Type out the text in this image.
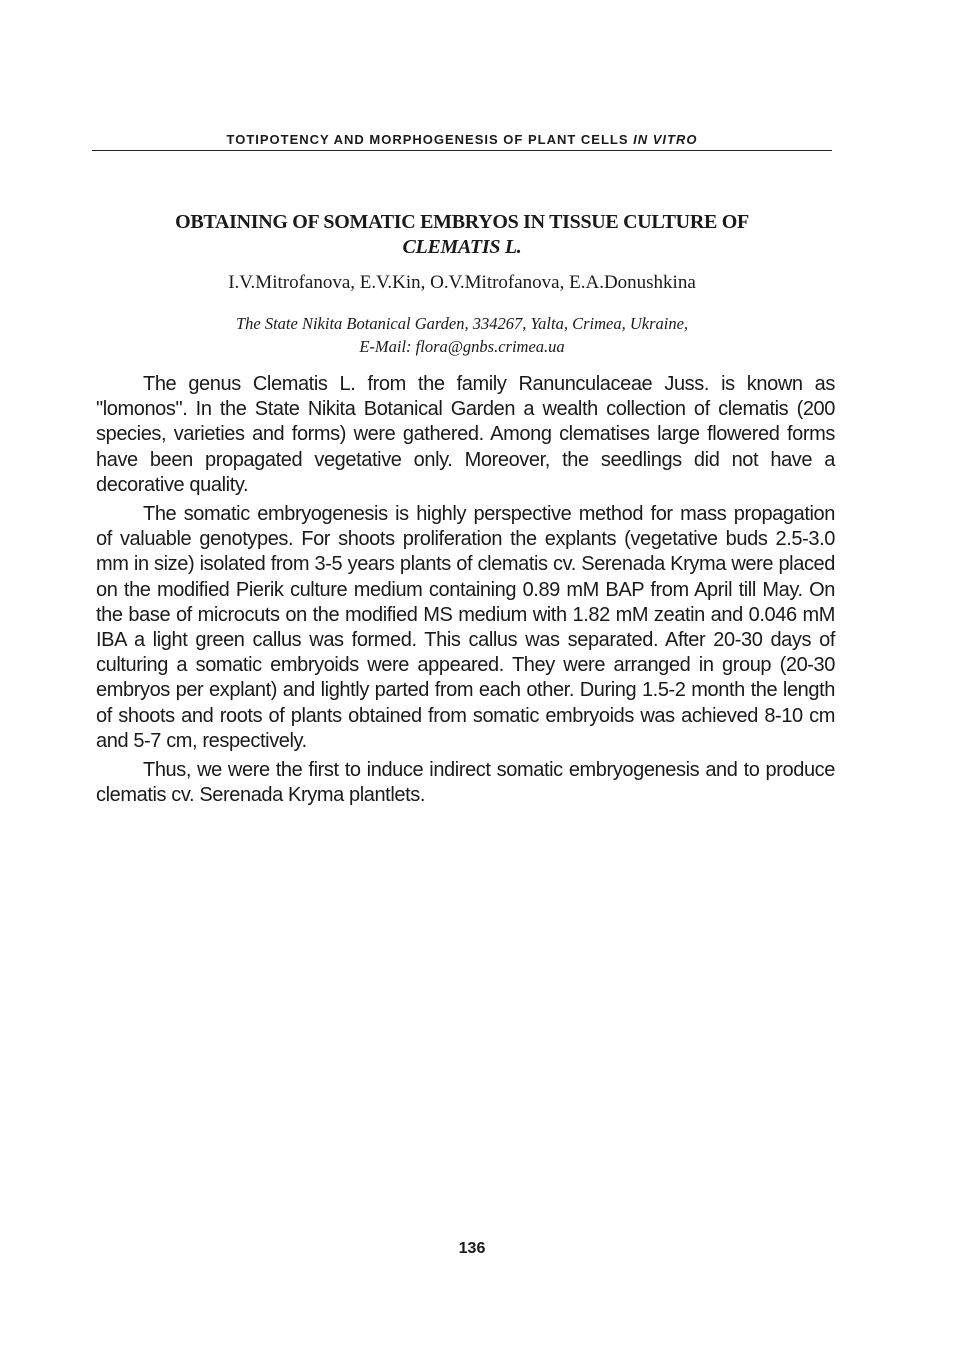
TOTIPOTENCY AND MORPHOGENESIS OF PLANT CELLS IN VITRO
OBTAINING OF SOMATIC EMBRYOS IN TISSUE CULTURE OF
CLEMATIS L.
I.V.Mitrofanova, E.V.Kin, O.V.Mitrofanova, E.A.Donushkina
The State Nikita Botanical Garden, 334267, Yalta, Crimea, Ukraine,
E-Mail: flora@gnbs.crimea.ua

The genus Clematis L. from the family Ranunculaceae Juss. is known as "lomonos". In the State Nikita Botanical Garden a wealth collection of clematis (200 species, varieties and forms) were gathered. Among clematises large flowered forms have been propagated vegetative only. Moreover, the seedlings did not have a decorative quality.

The somatic embryogenesis is highly perspective method for mass propagation of valuable genotypes. For shoots proliferation the explants (vegetative buds 2.5-3.0 mm in size) isolated from 3-5 years plants of clematis cv. Serenada Kryma were placed on the modified Pierik culture medium containing 0.89 mM BAP from April till May. On the base of microcuts on the modified MS medium with 1.82 mM zeatin and 0.046 mM IBA a light green callus was formed. This callus was separated. After 20-30 days of culturing a somatic embryoids were appeared. They were arranged in group (20-30 embryos per explant) and lightly parted from each other. During 1.5-2 month the length of shoots and roots of plants obtained from somatic embryoids was achieved 8-10 cm and 5-7 cm, respectively.

Thus, we were the first to induce indirect somatic embryogenesis and to produce clematis cv. Serenada Kryma plantlets.

136
